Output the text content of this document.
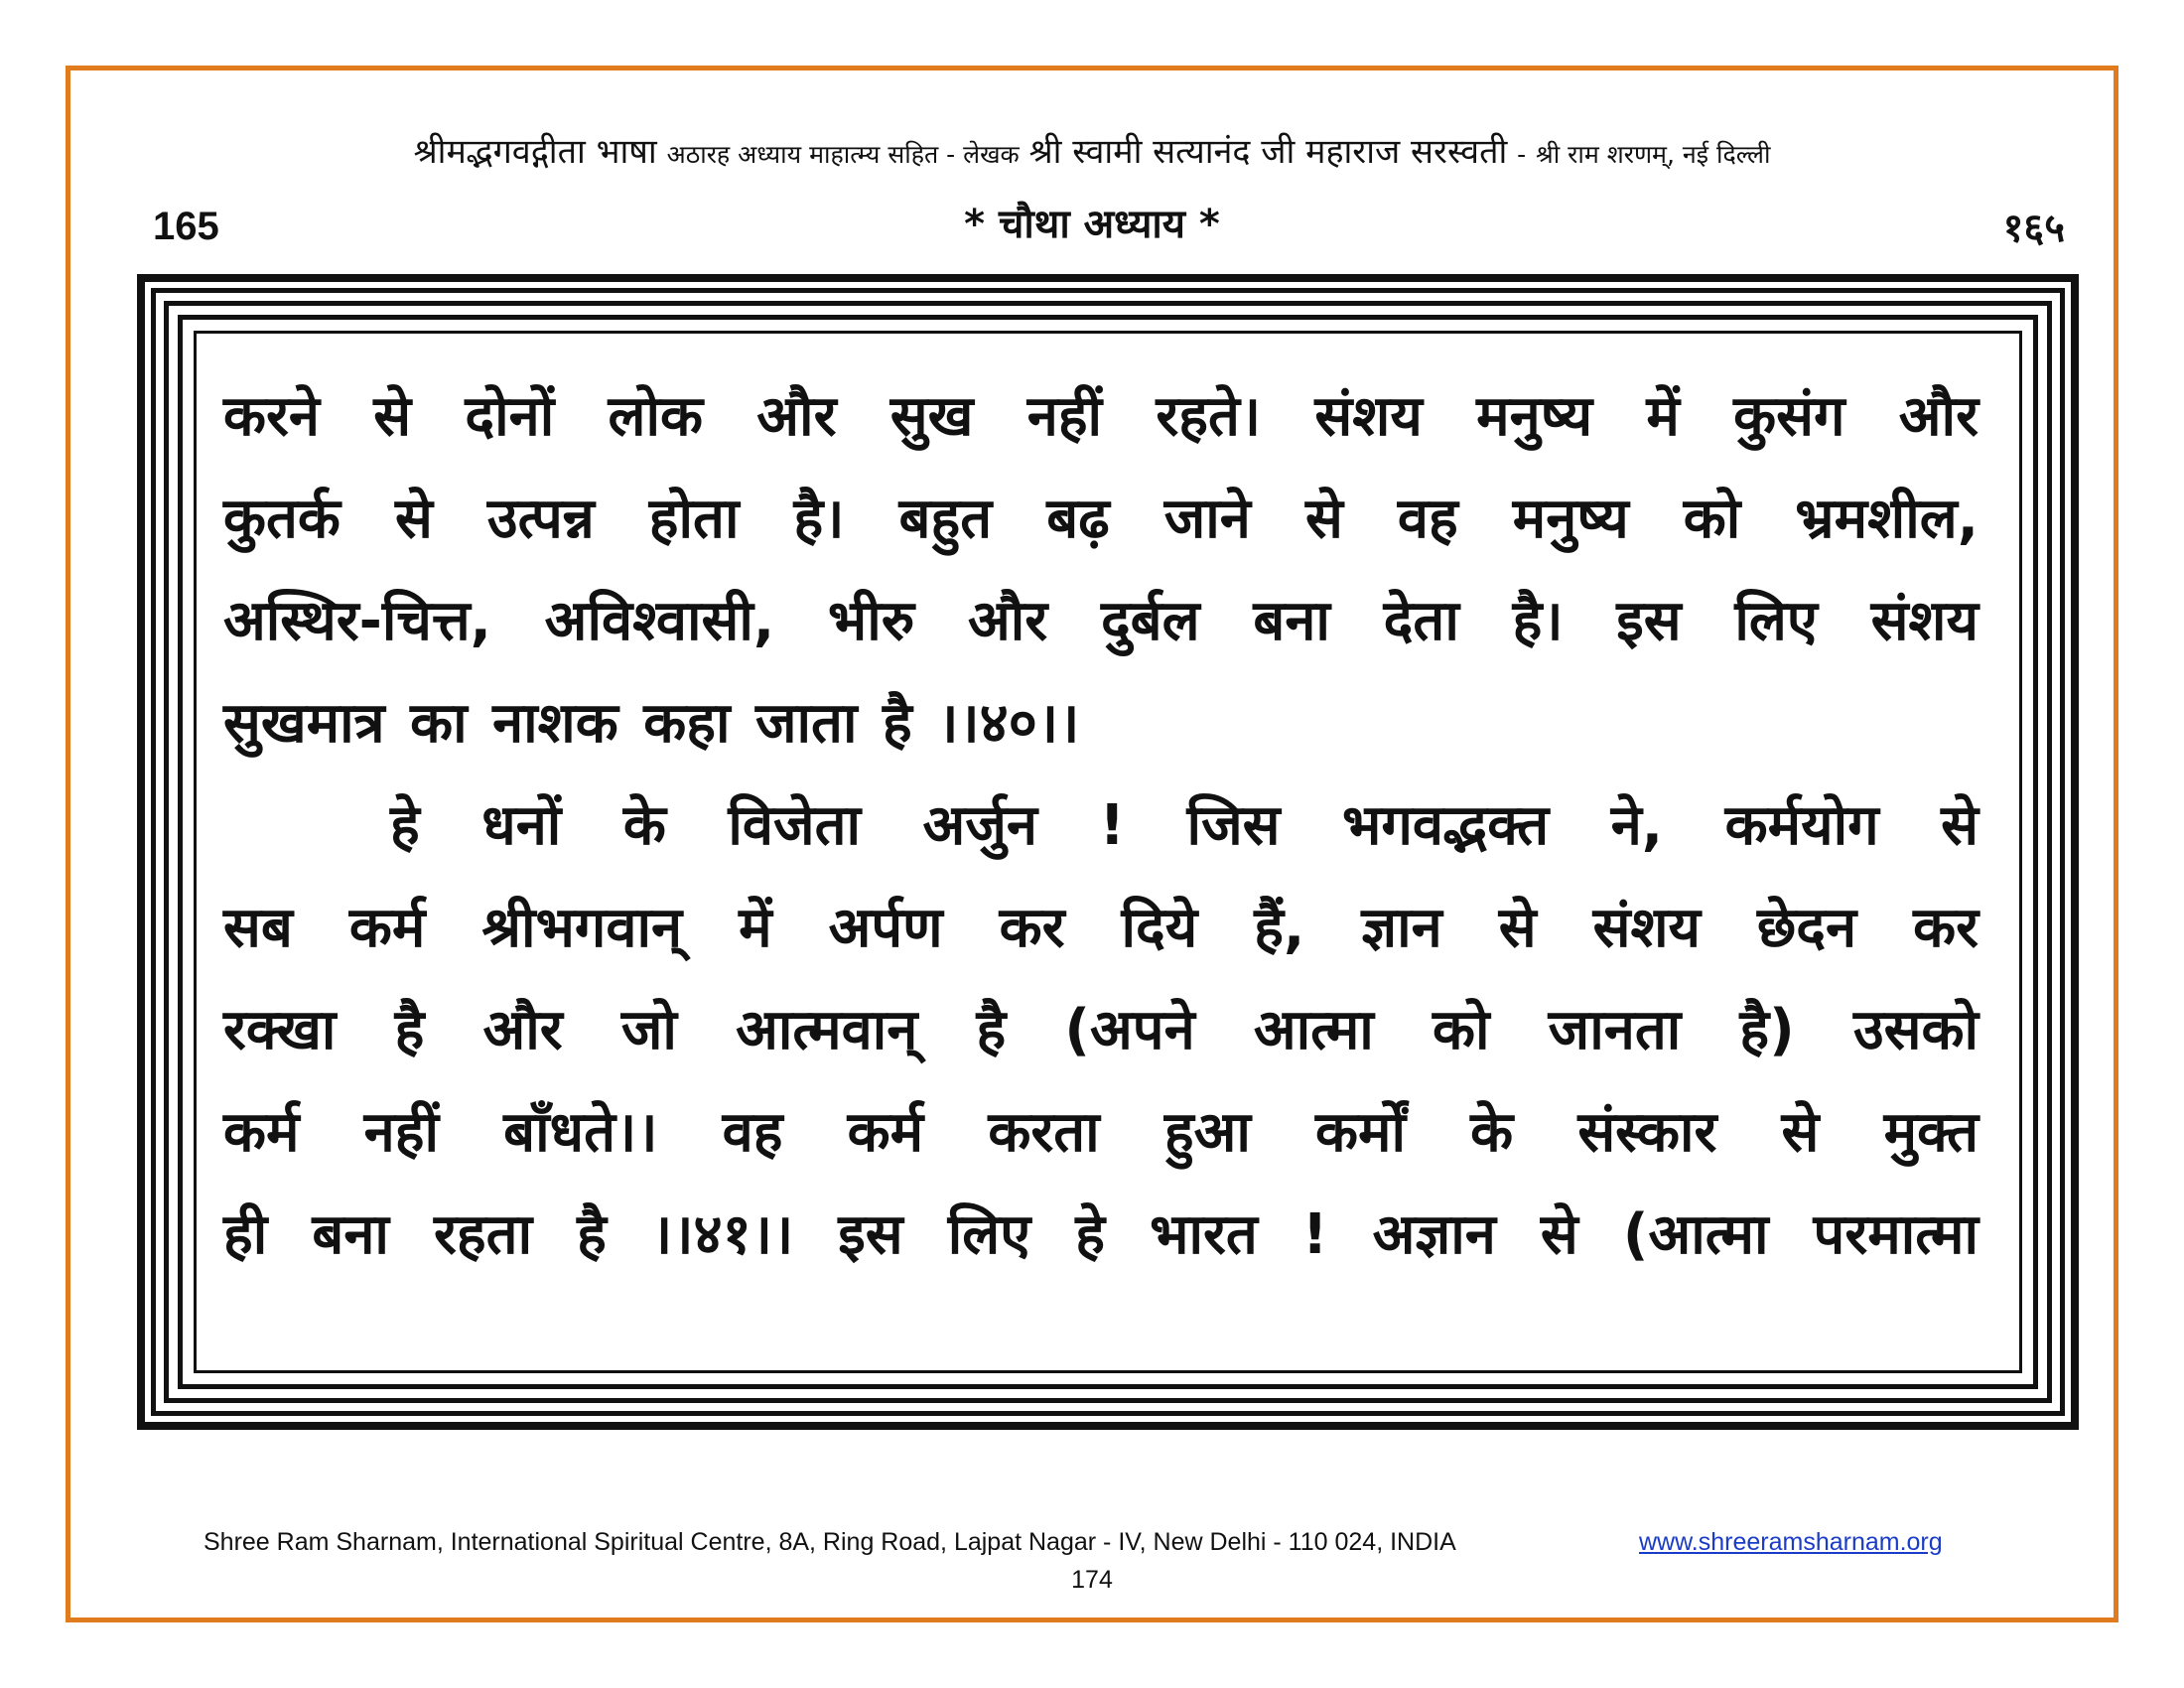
श्रीमद्भगवद्गीता भाषा अठारह अध्याय माहात्म्य सहित - लेखक श्री स्वामी सत्यानंद जी महाराज सरस्वती - श्री राम शरणम्, नई दिल्ली
165	* चौथा अध्याय *	१६५
करने से दोनों लोक और सुख नहीं रहते। संशय मनुष्य में कुसंग और
कुतर्क से उत्पन्न होता है। बहुत बढ़ जाने से वह मनुष्य को भ्रमशील,
अस्थिर-चित्त, अविश्वासी, भीरु और दुर्बल बना देता है। इस लिए संशय
सुखमात्र का नाशक कहा जाता है ।।४०।।
हे धनों के विजेता अर्जुन ! जिस भगवद्भक्त ने, कर्मयोग से
सब कर्म श्रीभगवान् में अर्पण कर दिये हैं, ज्ञान से संशय छेदन कर
रक्खा है और जो आत्मवान् है (अपने आत्मा को जानता है) उसको
कर्म नहीं बाँधते।। वह कर्म करता हुआ कर्मों के संस्कार से मुक्त
ही बना रहता है ।।४१।। इस लिए हे भारत ! अज्ञान से (आत्मा परमात्मा
Shree Ram Sharnam, International Spiritual Centre, 8A, Ring Road, Lajpat Nagar - IV, New Delhi - 110 024, INDIA	www.shreeramsharnam.org
174
